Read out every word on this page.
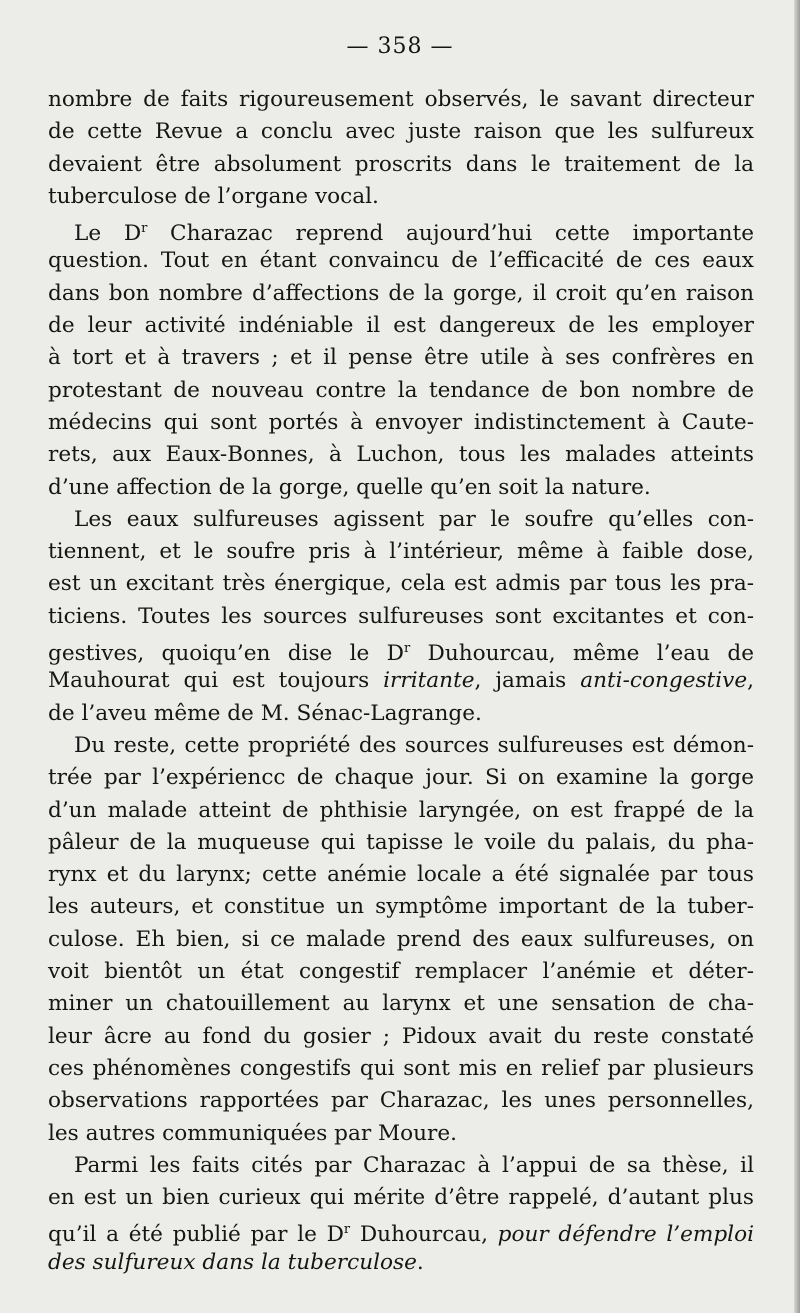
— 358 —
nombre de faits rigoureusement observés, le savant directeur
de cette Revue a conclu avec juste raison que les sulfureux
devaient être absolument proscrits dans le traitement de la
tuberculose de l’organe vocal.
Le $D^r$ Charazac reprend aujourd’hui cette importante
question. Tout en étant convaincu de l’efficacité de ces eaux
dans bon nombre d’affections de la gorge, il croit qu’en raison
de leur activité indéniable il est dangereux de les employer
à tort et à travers ; et il pense être utile à ses confrères en
protestant de nouveau contre la tendance de bon nombre de
médecins qui sont portés à envoyer indistinctement à Caute-
rets, aux Eaux-Bonnes, à Luchon, tous les malades atteints
d’une affection de la gorge, quelle qu’en soit la nature.
Les eaux sulfureuses agissent par le soufre qu’elles con-
tiennent, et le soufre pris à l’intérieur, même à faible dose,
est un excitant très énergique, cela est admis par tous les pra-
ticiens. Toutes les sources sulfureuses sont excitantes et con-
gestives, quoiqu’en dise le $D^r$ Duhourcau, même l’eau de
Mauhourat qui est toujours irritante, jamais anti-congestive,
de l’aveu même de M. Sénac-Lagrange.
Du reste, cette propriété des sources sulfureuses est démon-
trée par l’expériencc de chaque jour. Si on examine la gorge
d’un malade atteint de phthisie laryngée, on est frappé de la
pâleur de la muqueuse qui tapisse le voile du palais, du pha-
rynx et du larynx; cette anémie locale a été signalée par tous
les auteurs, et constitue un symptôme important de la tuber-
culose. Eh bien, si ce malade prend des eaux sulfureuses, on
voit bientôt un état congestif remplacer l’anémie et déter-
miner un chatouillement au larynx et une sensation de cha-
leur âcre au fond du gosier ; Pidoux avait du reste constaté
ces phénomènes congestifs qui sont mis en relief par plusieurs
observations rapportées par Charazac, les unes personnelles,
les autres communiquées par Moure.
Parmi les faits cités par Charazac à l’appui de sa thèse, il
en est un bien curieux qui mérite d’être rappelé, d’autant plus
qu’il a été publié par le $D^r$ Duhourcau, pour défendre l’emploi
des sulfureux dans la tuberculose.
